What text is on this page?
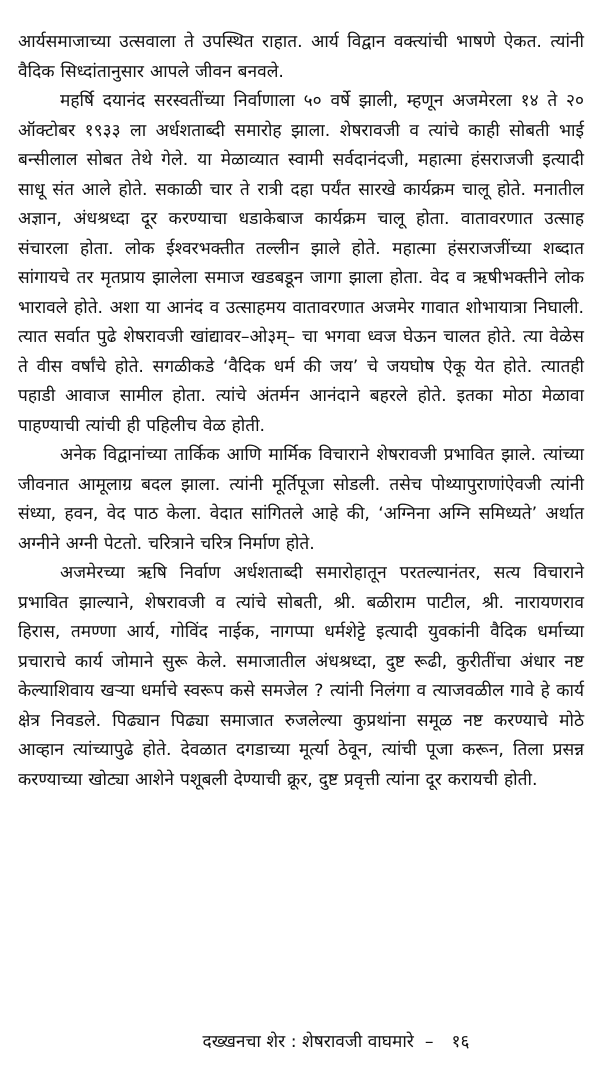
आर्यसमाजाच्या उत्सवाला ते उपस्थित राहात. आर्य विद्वान वक्त्यांची भाषणे ऐकत. त्यांनी वैदिक सिध्दांतानुसार आपले जीवन बनवले.

महर्षि दयानंद सरस्वतींच्या निर्वाणाला ५० वर्षे झाली, म्हणून अजमेरला १४ ते २० ऑक्टोबर १९३३ ला अर्धशताब्दी समारोह झाला. शेषरावजी व त्यांचे काही सोबती भाई बन्सीलाल सोबत तेथे गेले. या मेळाव्यात स्वामी सर्वदानंदजी, महात्मा हंसराजजी इत्यादी साधू संत आले होते. सकाळी चार ते रात्री दहा पर्यंत सारखे कार्यक्रम चालू होते. मनातील अज्ञान, अंधश्रध्दा दूर करण्याचा धडाकेबाज कार्यक्रम चालू होता. वातावरणात उत्साह संचारला होता. लोक ईश्वरभक्तीत तल्लीन झाले होते. महात्मा हंसराजजींच्या शब्दात सांगायचे तर मृतप्राय झालेला समाज खडबडून जागा झाला होता. वेद व ऋषीभक्तीने लोक भारावले होते. अशा या आनंद व उत्साहमय वातावरणात अजमेर गावात शोभायात्रा निघाली. त्यात सर्वात पुढे शेषरावजी खांद्यावर–ओ३म्– चा भगवा ध्वज घेऊन चालत होते. त्या वेळेस ते वीस वर्षांचे होते. सगळीकडे ‘वैदिक धर्म की जय’ चे जयघोष ऐकू येत होते. त्यातही पहाडी आवाज सामील होता. त्यांचे अंतर्मन आनंदाने बहरले होते. इतका मोठा मेळावा पाहण्याची त्यांची ही पहिलीच वेळ होती.

अनेक विद्वानांच्या तार्किक आणि मार्मिक विचाराने शेषरावजी प्रभावित झाले. त्यांच्या जीवनात आमूलाग्र बदल झाला. त्यांनी मूर्तिपूजा सोडली. तसेच पोथ्यापुराणांऐवजी त्यांनी संध्या, हवन, वेद पाठ केला. वेदात सांगितले आहे की, ‘अग्निना अग्नि समिध्यते’ अर्थात अग्नीने अग्नी पेटतो. चरित्राने चरित्र निर्माण होते.

अजमेरच्या ऋषि निर्वाण अर्धशताब्दी समारोहातून परतल्यानंतर, सत्य विचाराने प्रभावित झाल्याने, शेषरावजी व त्यांचे सोबती, श्री. बळीराम पाटील, श्री. नारायणराव हिरास, तमण्णा आर्य, गोविंद नाईक, नागप्पा धर्मशेट्टे इत्यादी युवकांनी वैदिक धर्माच्या प्रचाराचे कार्य जोमाने सुरू केले. समाजातील अंधश्रध्दा, दुष्ट रूढी, कुरीतींचा अंधार नष्ट केल्याशिवाय खऱ्या धर्माचे स्वरूप कसे समजेल ? त्यांनी निलंगा व त्याजवळील गावे हे कार्य क्षेत्र निवडले. पिढ्यान पिढ्या समाजात रुजलेल्या कुप्रथांना समूळ नष्ट करण्याचे मोठे आव्हान त्यांच्यापुढे होते. देवळात दगडाच्या मूर्त्या ठेवून, त्यांची पूजा करून, तिला प्रसन्न करण्याच्या खोट्या आशेने पशूबली देण्याची क्रूर, दुष्ट प्रवृत्ती त्यांना दूर करायची होती.

दख्खनचा शेर : शेषरावजी वाघमारे  – १६
